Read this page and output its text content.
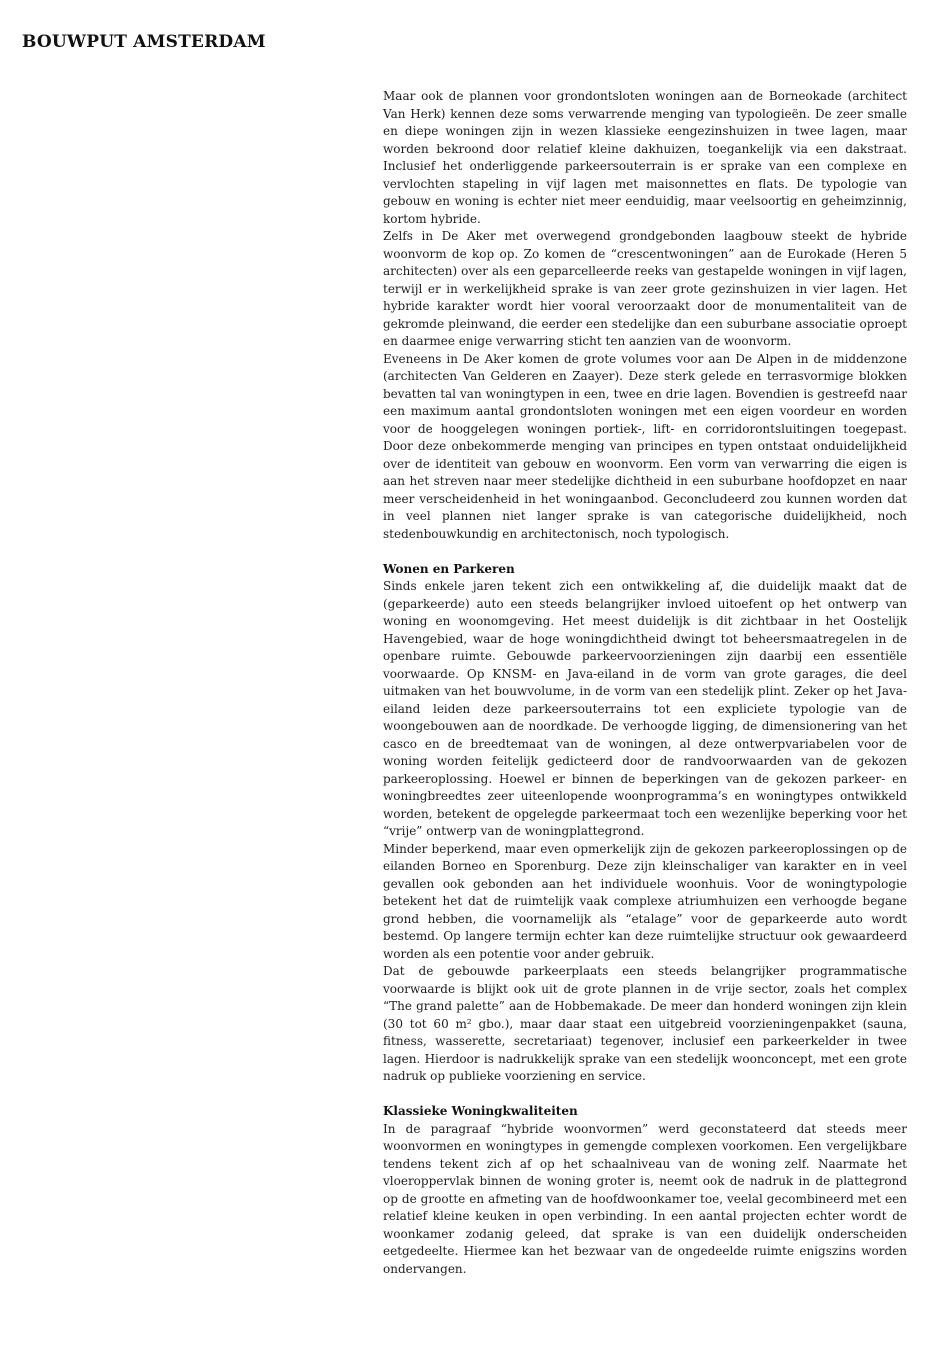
BOUWPUT AMSTERDAM

Maar ook de plannen voor grondontsloten woningen aan de Borneokade (architect Van Herk) kennen deze soms verwarrende menging van typologieën. De zeer smalle en diepe woningen zijn in wezen klassieke eengezinshuizen in twee lagen, maar worden bekroond door relatief kleine dakhuizen, toegankelijk via een dakstraat. Inclusief het onderliggende parkeersouterrain is er sprake van een complexe en vervlochten stapeling in vijf lagen met maisonnettes en flats. De typologie van gebouw en woning is echter niet meer eenduidig, maar veelsoortig en geheimzinnig, kortom hybride.

Zelfs in De Aker met overwegend grondgebonden laagbouw steekt de hybride woonvorm de kop op. Zo komen de “crescentwoningen” aan de Eurokade (Heren 5 architecten) over als een geparcelleerde reeks van gestapelde woningen in vijf lagen, terwijl er in werkelijkheid sprake is van zeer grote gezinshuizen in vier lagen. Het hybride karakter wordt hier vooral veroorzaakt door de monumentaliteit van de gekromde pleinwand, die eerder een stedelijke dan een suburbane associatie oproept en daarmee enige verwarring sticht ten aanzien van de woonvorm.

Eveneens in De Aker komen de grote volumes voor aan De Alpen in de middenzone (architecten Van Gelderen en Zaayer). Deze sterk gelede en terrasvormige blokken bevatten tal van woningtypen in een, twee en drie lagen. Bovendien is gestreefd naar een maximum aantal grondontsloten woningen met een eigen voordeur en worden voor de hooggelegen woningen portiek-, lift- en corridorontsluitingen toegepast. Door deze onbekommerde menging van principes en typen ontstaat onduidelijkheid over de identiteit van gebouw en woonvorm. Een vorm van verwarring die eigen is aan het streven naar meer stedelijke dichtheid in een suburbane hoofdopzet en naar meer verscheidenheid in het woningaanbod. Geconcludeerd zou kunnen worden dat in veel plannen niet langer sprake is van categorische duidelijkheid, noch stedenbouwkundig en architectonisch, noch typologisch.

Wonen en Parkeren

Sinds enkele jaren tekent zich een ontwikkeling af, die duidelijk maakt dat de (geparkeerde) auto een steeds belangrijker invloed uitoefent op het ontwerp van woning en woonomgeving. Het meest duidelijk is dit zichtbaar in het Oostelijk Havengebied, waar de hoge woningdichtheid dwingt tot beheersmaatregelen in de openbare ruimte. Gebouwde parkeervoorzieningen zijn daarbij een essentiële voorwaarde. Op KNSM- en Java-eiland in de vorm van grote garages, die deel uitmaken van het bouwvolume, in de vorm van een stedelijk plint. Zeker op het Java-eiland leiden deze parkeersouterrains tot een expliciete typologie van de woongebouwen aan de noordkade. De verhoogde ligging, de dimensionering van het casco en de breedtemaat van de woningen, al deze ontwerpvariabelen voor de woning worden feitelijk gedicteerd door de randvoorwaarden van de gekozen parkeeroplossing. Hoewel er binnen de beperkingen van de gekozen parkeer- en woningbreedtes zeer uiteenlopende woonprogramma’s en woningtypes ontwikkeld worden, betekent de opgelegde parkeermaat toch een wezenlijke beperking voor het “vrije” ontwerp van de woningplattegrond.

Minder beperkend, maar even opmerkelijk zijn de gekozen parkeeroplossingen op de eilanden Borneo en Sporenburg. Deze zijn kleinschaliger van karakter en in veel gevallen ook gebonden aan het individuele woonhuis. Voor de woningtypologie betekent het dat de ruimtelijk vaak complexe atriumhuizen een verhoogde begane grond hebben, die voornamelijk als “etalage” voor de geparkeerde auto wordt bestemd. Op langere termijn echter kan deze ruimtelijke structuur ook gewaardeerd worden als een potentie voor ander gebruik.

Dat de gebouwde parkeerplaats een steeds belangrijker programmatische voorwaarde is blijkt ook uit de grote plannen in de vrije sector, zoals het complex “The grand palette” aan de Hobbemakade. De meer dan honderd woningen zijn klein (30 tot 60 m² gbo.), maar daar staat een uitgebreid voorzieningenpakket (sauna, fitness, wasserette, secretariaat) tegenover, inclusief een parkeerkelder in twee lagen. Hierdoor is nadrukkelijk sprake van een stedelijk woonconcept, met een grote nadruk op publieke voorziening en service.

Klassieke Woningkwaliteiten

In de paragraaf “hybride woonvormen” werd geconstateerd dat steeds meer woonvormen en woningtypes in gemengde complexen voorkomen. Een vergelijkbare tendens tekent zich af op het schaalniveau van de woning zelf. Naarmate het vloeroppervlak binnen de woning groter is, neemt ook de nadruk in de plattegrond op de grootte en afmeting van de hoofdwoonkamer toe, veelal gecombineerd met een relatief kleine keuken in open verbinding. In een aantal projecten echter wordt de woonkamer zodanig geleed, dat sprake is van een duidelijk onderscheiden eetgedeelte. Hiermee kan het bezwaar van de ongedeelde ruimte enigszins worden ondervangen.
